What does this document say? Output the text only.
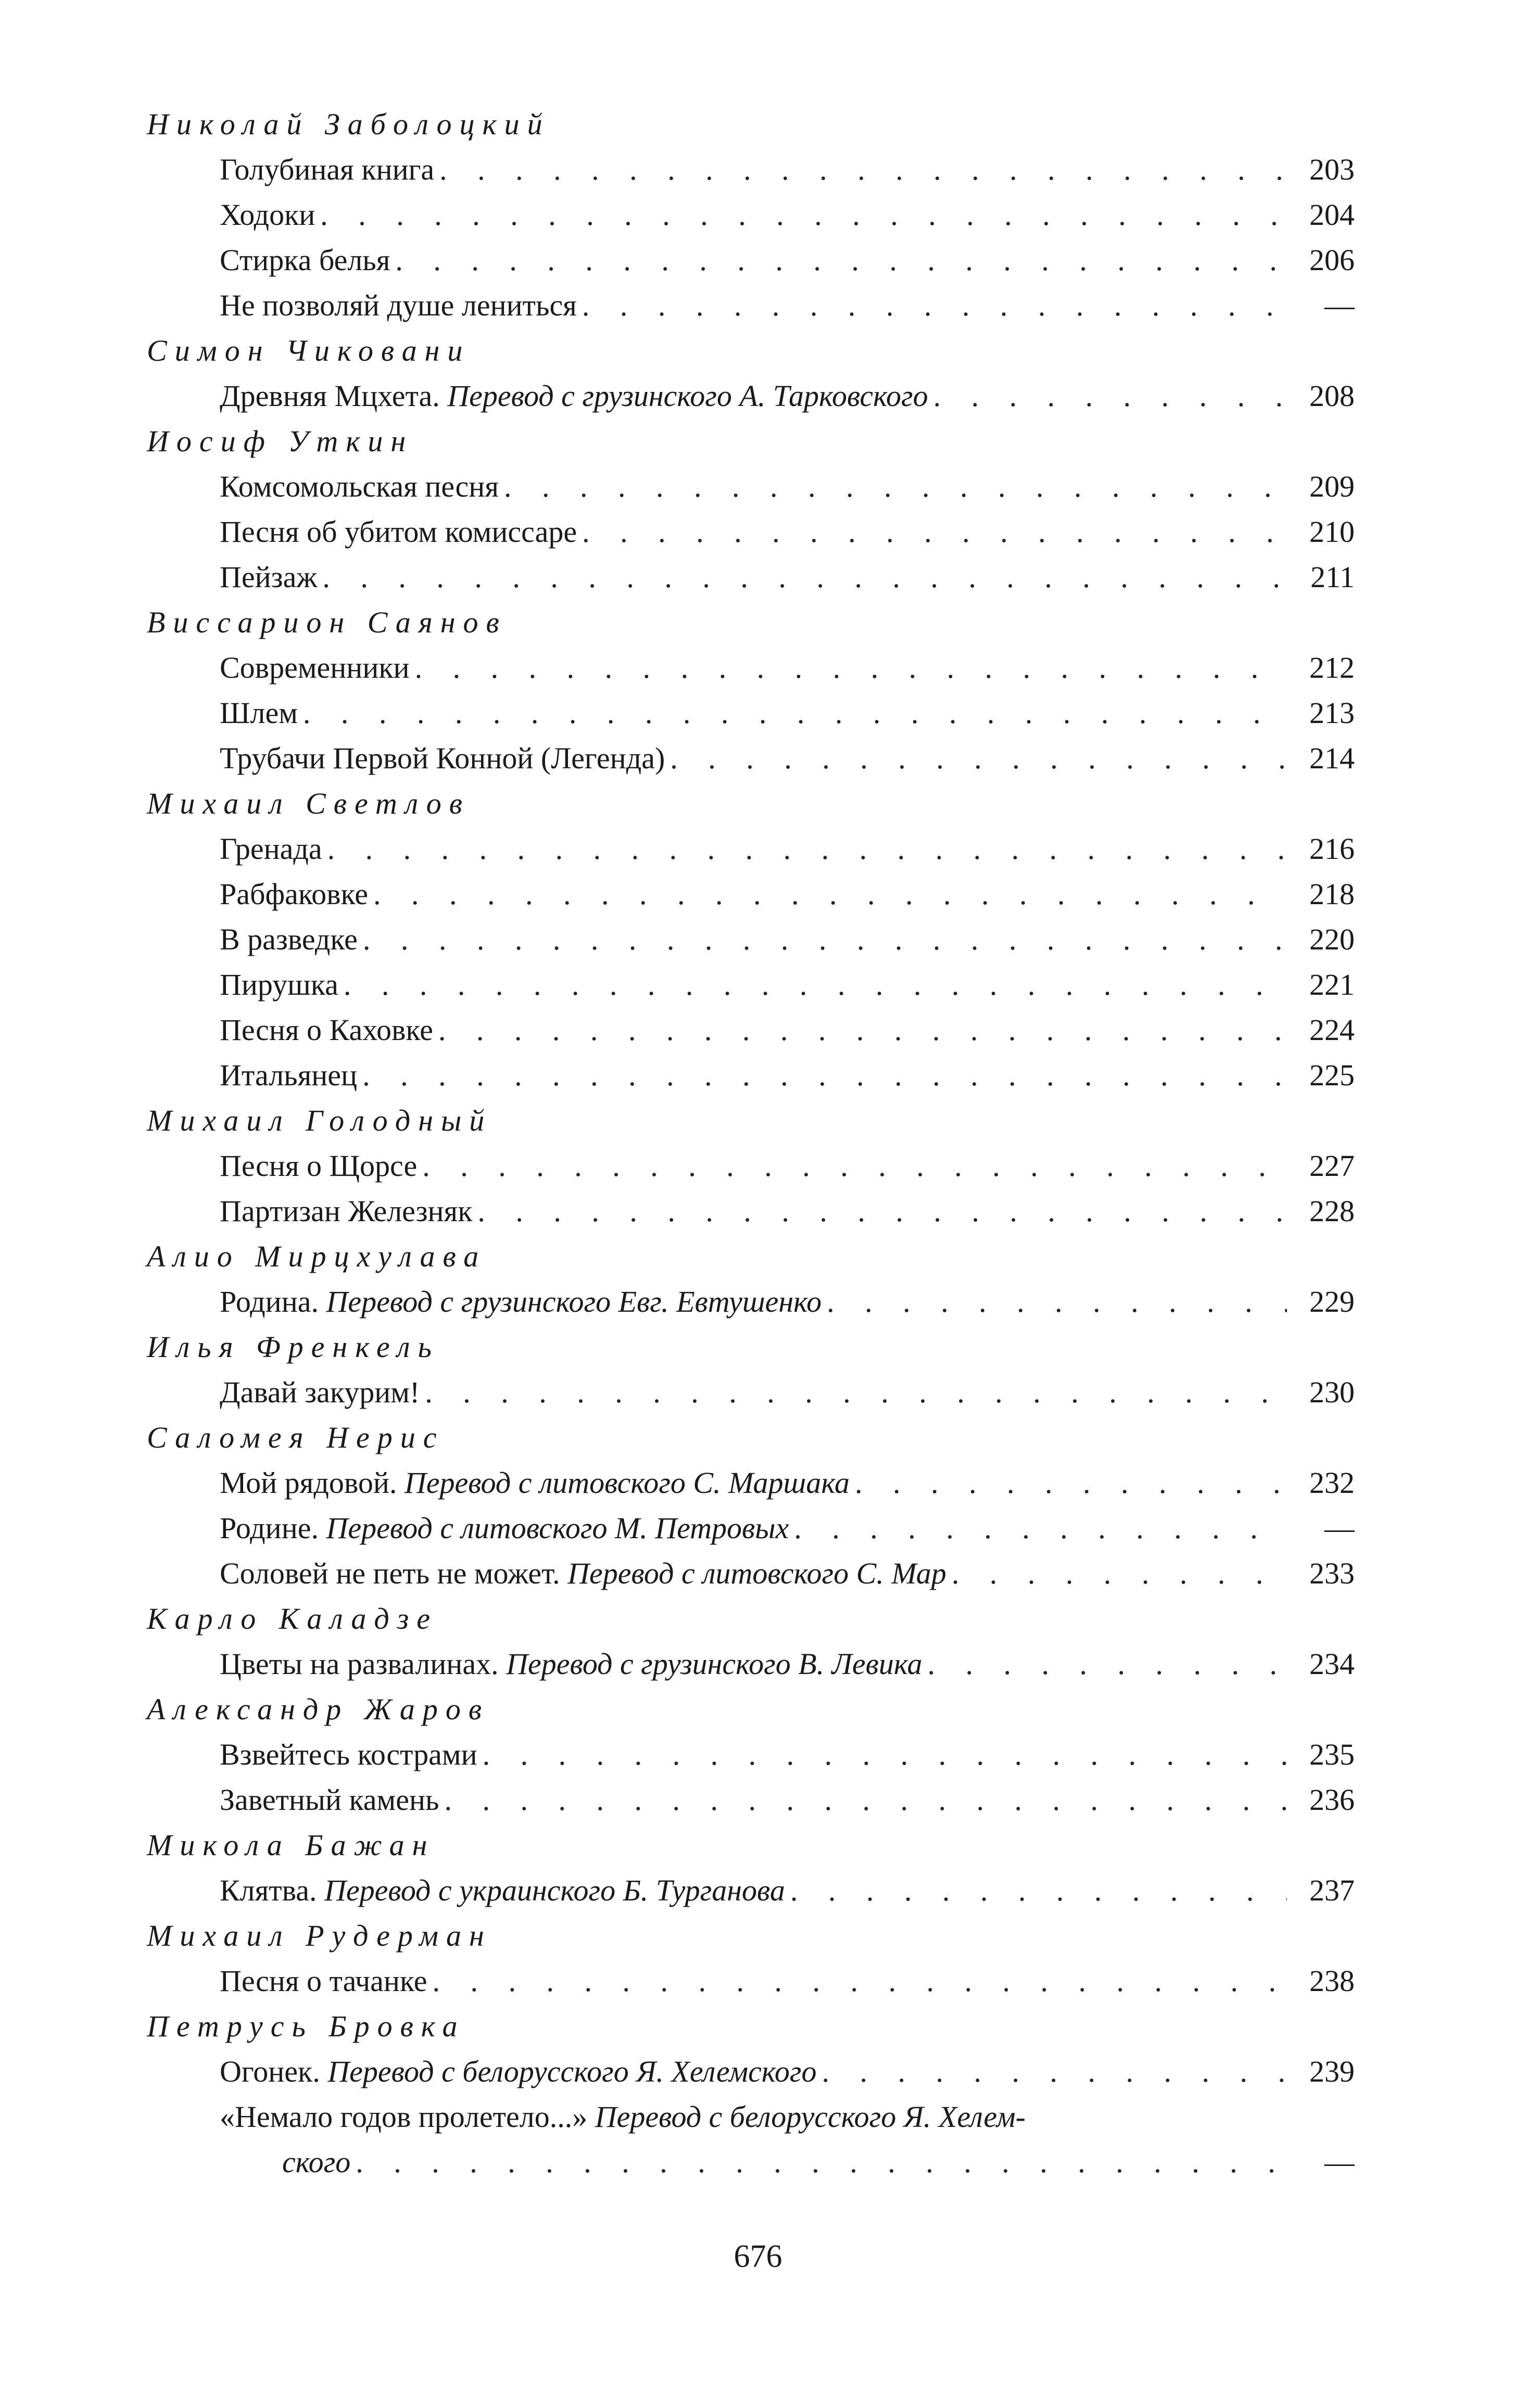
Николай Заболоцкий
Голубиная книга . . .	203
Ходоки . . .	204
Стирка белья . . .	206
Не позволяй душе лениться . . .	—
Симон Чиковани
Древняя Мцхета. Перевод с грузинского А. Тарковского . . .	208
Иосиф Уткин
Комсомольская песня . . .	209
Песня об убитом комиссаре . . .	210
Пейзаж . . .	211
Виссарион Саянов
Современники . . .	212
Шлем . . .	213
Трубачи Первой Конной (Легенда) . . .	214
Михаил Светлов
Гренада . . .	216
Рабфаковке . . .	218
В разведке . . .	220
Пирушка . . .	221
Песня о Каховке . . .	224
Итальянец . . .	225
Михаил Голодный
Песня о Щорсе . . .	227
Партизан Железняк . . .	228
Алио Мирцхулава
Родина. Перевод с грузинского Евг. Евтушенко . . .	229
Илья Френкель
Давай закурим! . . .	230
Саломея Нерис
Мой рядовой. Перевод с литовского С. Маршака . . .	232
Родине. Перевод с литовского М. Петровых . . .	—
Соловей не петь не может. Перевод с литовского С. Мар . . .	233
Карло Каладзе
Цветы на развалинах. Перевод с грузинского В. Левика . . .	234
Александр Жаров
Взвейтесь кострами . . .	235
Заветный камень . . .	236
Микола Бажан
Клятва. Перевод с украинского Б. Турганова . . .	237
Михаил Рудерман
Песня о тачанке . . .	238
Петрусь Бровка
Огонек. Перевод с белорусского Я. Хелемского . . .	239
«Немало годов пролетело...» Перевод с белорусского Я. Хелем-
ского . . .	—
676
